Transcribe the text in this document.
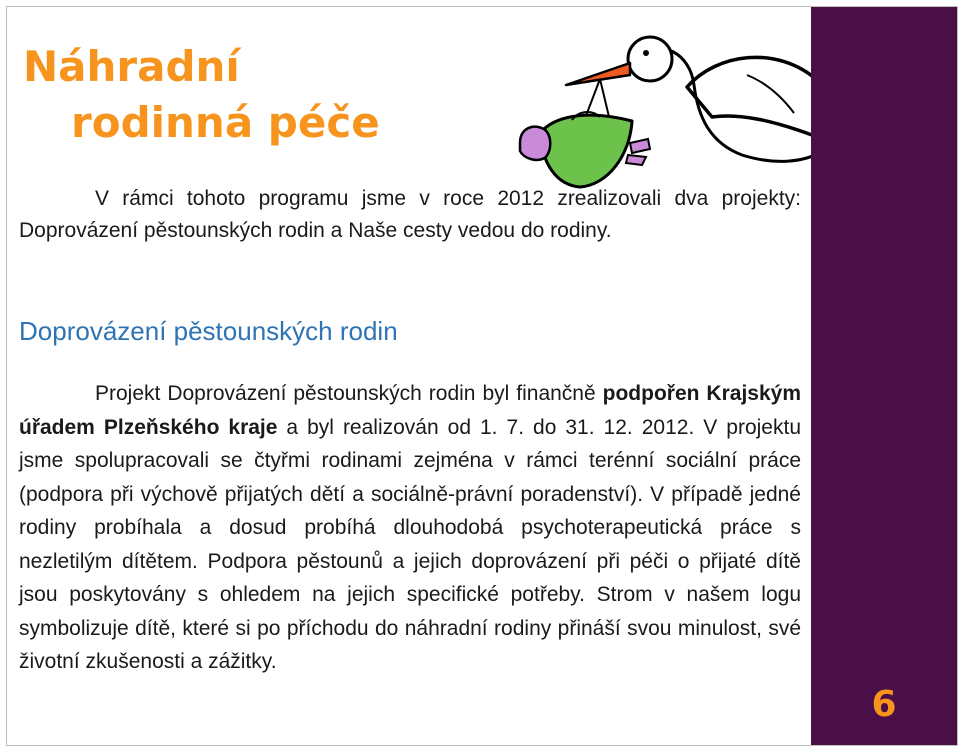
Náhradní
rodinná péče

V rámci tohoto programu jsme v roce 2012 zrealizovali dva projekty: Doprovázení pěstounských rodin a Naše cesty vedou do rodiny.

Doprovázení pěstounských rodin

Projekt Doprovázení pěstounských rodin byl finančně podpořen Krajským úřadem Plzeňského kraje a byl realizován od 1. 7. do 31. 12. 2012. V projektu jsme spolupracovali se čtyřmi rodinami zejména v rámci terénní sociální práce (podpora při výchově přijatých dětí a sociálně-právní poradenství). V případě jedné rodiny probíhala a dosud probíhá dlouhodobá psychoterapeutická práce s nezletilým dítětem. Podpora pěstounů a jejich doprovázení při péči o přijaté dítě jsou poskytovány s ohledem na jejich specifické potřeby. Strom v našem logu symbolizuje dítě, které si po příchodu do náhradní rodiny přináší svou minulost, své životní zkušenosti a zážitky.

6
